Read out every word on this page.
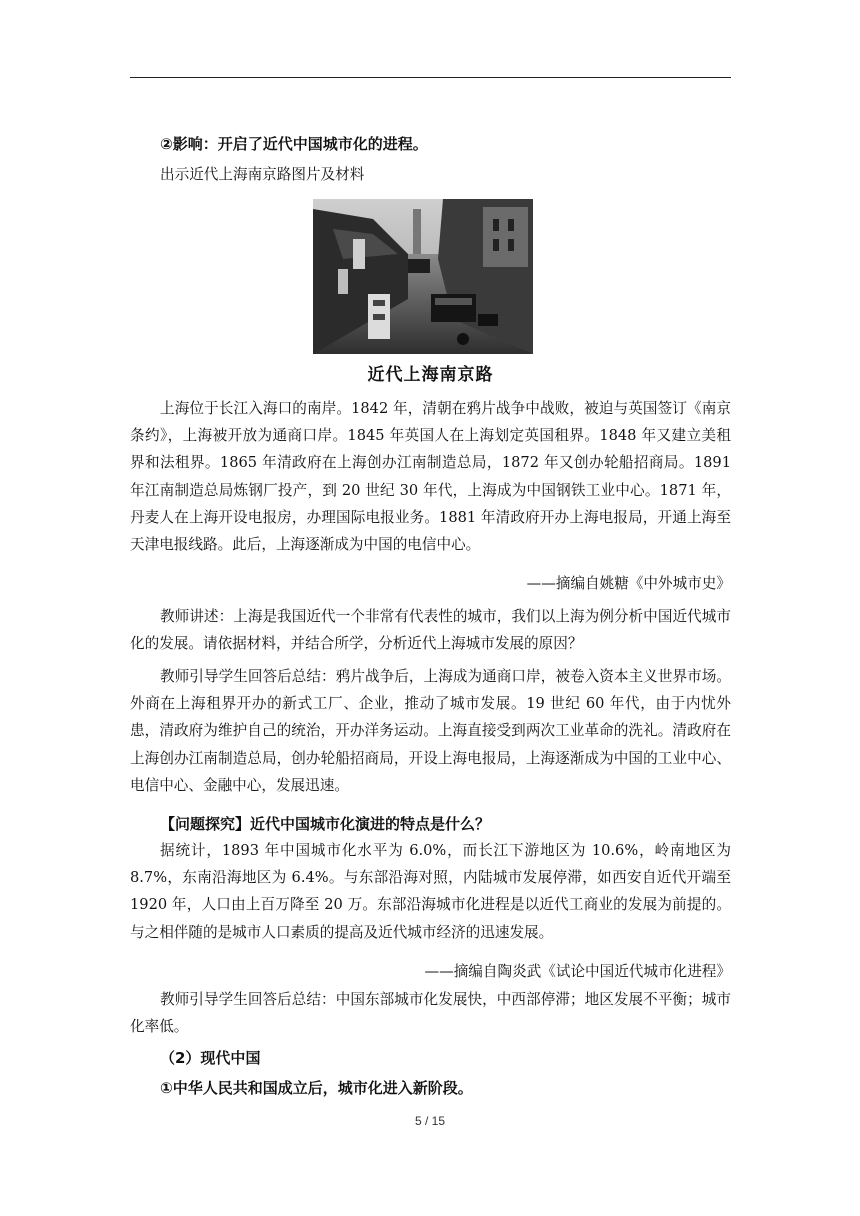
②影响：开启了近代中国城市化的进程。
出示近代上海南京路图片及材料
近代上海南京路
上海位于长江入海口的南岸。1842 年，清朝在鸦片战争中战败，被迫与英国签订《南京条约》，上海被开放为通商口岸。1845 年英国人在上海划定英国租界。1848 年又建立美租界和法租界。1865 年清政府在上海创办江南制造总局，1872 年又创办轮船招商局。1891 年江南制造总局炼钢厂投产，到 20 世纪 30 年代，上海成为中国钢铁工业中心。1871 年，丹麦人在上海开设电报房，办理国际电报业务。1881 年清政府开办上海电报局，开通上海至天津电报线路。此后，上海逐渐成为中国的电信中心。
——摘编自姚糖《中外城市史》
教师讲述：上海是我国近代一个非常有代表性的城市，我们以上海为例分析中国近代城市化的发展。请依据材料，并结合所学，分析近代上海城市发展的原因？
教师引导学生回答后总结：鸦片战争后，上海成为通商口岸，被卷入资本主义世界市场。外商在上海租界开办的新式工厂、企业，推动了城市发展。19 世纪 60 年代，由于内忧外患，清政府为维护自己的统治，开办洋务运动。上海直接受到两次工业革命的洗礼。清政府在上海创办江南制造总局，创办轮船招商局，开设上海电报局，上海逐渐成为中国的工业中心、电信中心、金融中心，发展迅速。
【问题探究】近代中国城市化演进的特点是什么？
据统计，1893 年中国城市化水平为 6.0%，而长江下游地区为 10.6%，岭南地区为 8.7%，东南沿海地区为 6.4%。与东部沿海对照，内陆城市发展停滞，如西安自近代开端至 1920 年，人口由上百万降至 20 万。东部沿海城市化进程是以近代工商业的发展为前提的。与之相伴随的是城市人口素质的提高及近代城市经济的迅速发展。
——摘编自陶炎武《试论中国近代城市化进程》
教师引导学生回答后总结：中国东部城市化发展快，中西部停滞；地区发展不平衡；城市化率低。
（2）现代中国
①中华人民共和国成立后，城市化进入新阶段。
5 / 15
